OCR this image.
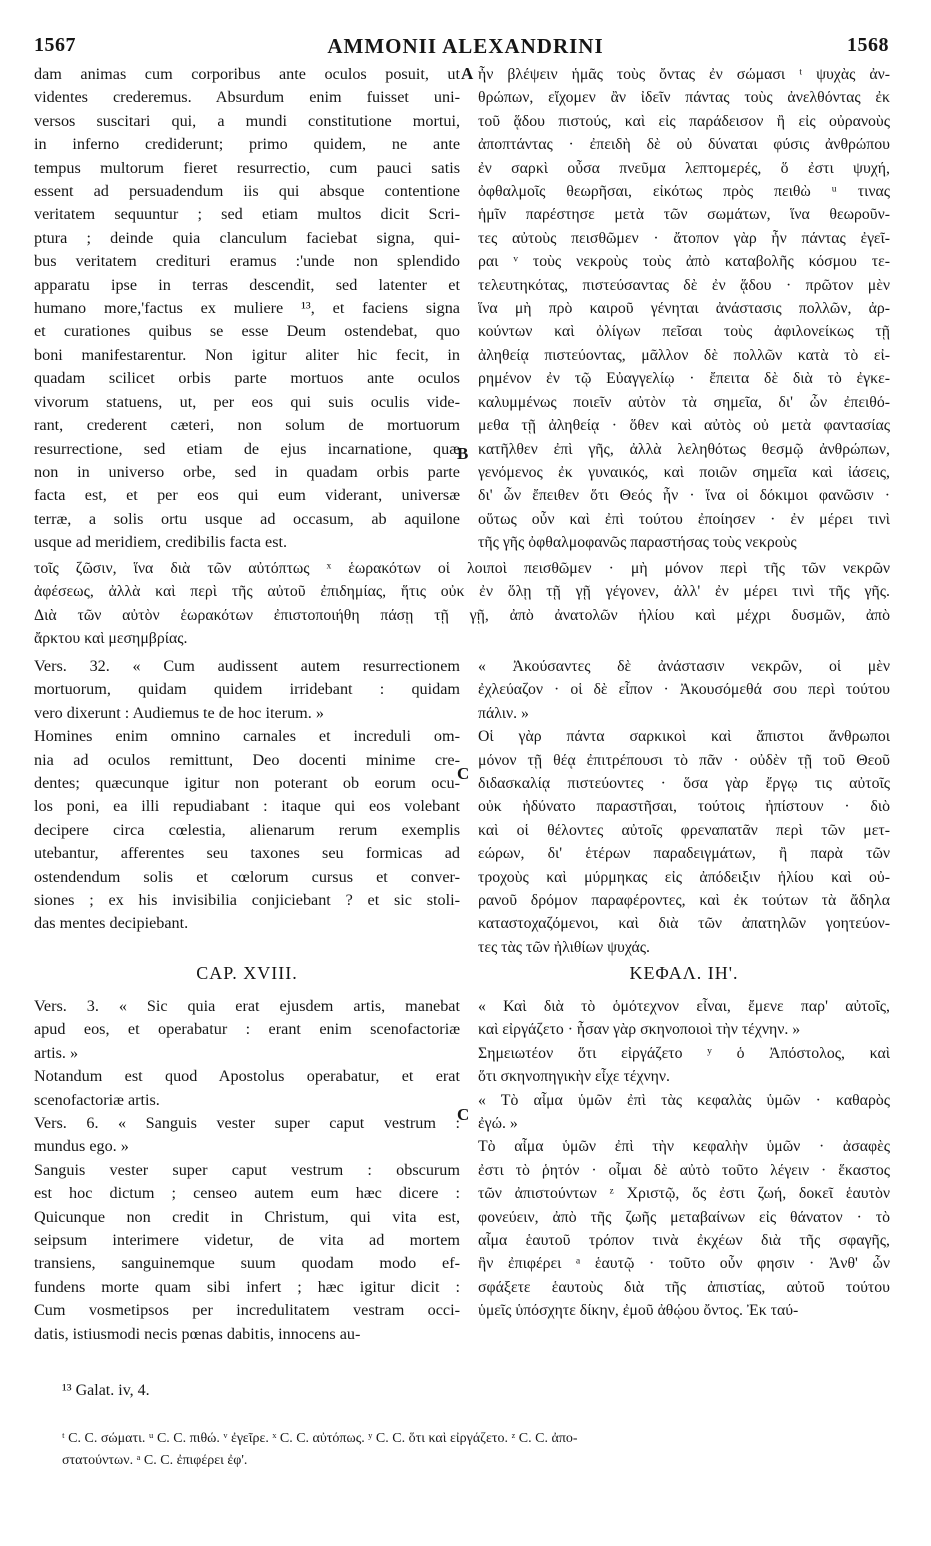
1567	AMMONII ALEXANDRINI	1568
dam animas cum corporibus ante oculos posuit, ut
videntes crederemus. Absurdum enim fuisset uni-
versos suscitari qui, a mundi constitutione mortui,
in inferno crediderunt; primo quidem, ne ante
tempus multorum fieret resurrectio, cum pauci satis
essent ad persuadendum iis qui absque contentione
veritatem sequuntur ; sed etiam multos dicit Scri-
ptura ; deinde quia clanculum faciebat signa, qui-
bus veritatem credituri eramus :'unde non splendido
apparatu ipse in terras descendit, sed latenter et
humano more,'factus ex muliere ¹³, et faciens signa
et curationes quibus se esse Deum ostendebat, quo
boni manifestarentur. Non igitur aliter hic fecit, in
quadam scilicet orbis parte mortuos ante oculos
vivorum statuens, ut, per eos qui suis oculis vide-
rant, crederent cæteri, non solum de mortuorum
resurrectione, sed etiam de ejus incarnatione, quæ
non in universo orbe, sed in quadam orbis parte
facta est, et per eos qui eum viderant, universæ
terræ, a solis ortu usque ad occasum, ab aquilone
usque ad meridiem, credibilis facta est.
ἦν βλέψειν ἡμᾶς τοὺς ὄντας ἐν σώμασι ᵗ ψυχὰς ἀν-
θρώπων, εἴχομεν ἂν ἰδεῖν πάντας τοὺς ἀνελθόντας ἐκ
τοῦ ᾅδου πιστούς, καὶ εἰς παράδεισον ἢ εἰς οὐρανοὺς
ἀποπτάντας · ἐπειδὴ δὲ οὐ δύναται φύσις ἀνθρώπου
ἐν σαρκὶ οὖσα πνεῦμα λεπτομερές, ὅ ἐστι ψυχή,
ὀφθαλμοῖς θεωρῆσαι, εἰκότως πρὸς πειθὼ ᵘ τινας
ἡμῖν παρέστησε μετὰ τῶν σωμάτων, ἵνα θεωροῦν-
τες αὐτοὺς πεισθῶμεν · ἄτοπον γὰρ ἦν πάντας ἐγεῖ-
ραι ᵛ τοὺς νεκροὺς τοὺς ἀπὸ καταβολῆς κόσμου τε-
τελευτηκότας, πιστεύσαντας δὲ ἐν ᾅδου · πρῶτον μὲν
ἵνα μὴ πρὸ καιροῦ γένηται ἀνάστασις πολλῶν, ἀρ-
κούντων καὶ ὀλίγων πεῖσαι τοὺς ἀφιλονείκως τῇ
ἀληθείᾳ πιστεύοντας, μᾶλλον δὲ πολλῶν κατὰ τὸ εἰ-
ρημένον ἐν τῷ Εὐαγγελίῳ · ἔπειτα δὲ διὰ τὸ ἐγκε-
καλυμμένως ποιεῖν αὐτὸν τὰ σημεῖα, δι' ὧν ἐπειθό-
μεθα τῇ ἀληθείᾳ · ὅθεν καὶ αὐτὸς οὐ μετὰ φαντασίας
κατῆλθεν ἐπὶ γῆς, ἀλλὰ λεληθότως θεσμῷ ἀνθρώπων,
γενόμενος ἐκ γυναικός, καὶ ποιῶν σημεῖα καὶ ἰάσεις,
δι' ὧν ἔπειθεν ὅτι Θεός ἦν · ἵνα οἱ δόκιμοι φανῶσιν ·
οὕτως οὖν καὶ ἐπὶ τούτου ἐποίησεν · ἐν μέρει τινὶ
τῆς γῆς ὀφθαλμοφανῶς παραστήσας τοὺς νεκροὺς
τοῖς ζῶσιν, ἵνα διὰ τῶν αὐτόπτως ˣ ἑωρακότων οἱ λοιποὶ πεισθῶμεν · μὴ μόνον περὶ τῆς τῶν νεκρῶν
ἀφέσεως, ἀλλὰ καὶ περὶ τῆς αὐτοῦ ἐπιδημίας, ἥτις οὐκ ἐν ὅλῃ τῇ γῇ γέγονεν, ἀλλ' ἐν μέρει τινὶ τῆς γῆς.
Διὰ τῶν αὐτὸν ἑωρακότων ἐπιστοποιήθη πάσῃ τῇ γῇ, ἀπὸ ἀνατολῶν ἡλίου καὶ μέχρι δυσμῶν, ἀπὸ
ἄρκτου καὶ μεσημβρίας.
Vers. 32. « Cum audissent autem resurrectionem
mortuorum, quidam quidem irridebant : quidam
vero dixerunt : Audiemus te de hoc iterum. »
Homines enim omnino carnales et increduli om-
nia ad oculos remittunt, Deo docenti minime cre-
dentes; quæcunque igitur non poterant ob eorum ocu-
los poni, ea illi repudiabant : itaque qui eos volebant
decipere circa cœlestia, alienarum rerum exemplis
utebantur, afferentes seu taxones seu formicas ad
ostendendum solis et cœlorum cursus et conver-
siones ; ex his invisibilia conjiciebant ? et sic stoli-
das mentes decipiebant.
« Ἀκούσαντες δὲ ἀνάστασιν νεκρῶν, οἱ μὲν
ἐχλεύαζον · οἱ δὲ εἶπον · Ἀκουσόμεθά σου περὶ τούτου
πάλιν. »
Οἱ γὰρ πάντα σαρκικοὶ καὶ ἄπιστοι ἄνθρωποι
μόνον τῇ θέᾳ ἐπιτρέπουσι τὸ πᾶν · οὐδὲν τῇ τοῦ Θεοῦ
διδασκαλίᾳ πιστεύοντες · ὅσα γὰρ ἔργῳ τις αὐτοῖς
οὐκ ἠδύνατο παραστῆσαι, τούτοις ἠπίστουν · διὸ
καὶ οἱ θέλοντες αὐτοῖς φρεναπατᾶν περὶ τῶν μετ-
εώρων, δι' ἑτέρων παραδειγμάτων, ἢ παρὰ τῶν
τροχοὺς καὶ μύρμηκας εἰς ἀπόδειξιν ἡλίου καὶ οὐ-
ρανοῦ δρόμον παραφέροντες, καὶ ἐκ τούτων τὰ ἄδηλα
καταστοχαζόμενοι, καὶ διὰ τῶν ἀπατηλῶν γοητεύον-
τες τὰς τῶν ἠλιθίων ψυχάς.
CAP. XVIII.	ΚΕΦΑΛ. ΙΗ'.
Vers. 3. « Sic quia erat ejusdem artis, manebat
apud eos, et operabatur : erant enim scenofactoriæ
artis. »
Notandum est quod Apostolus operabatur, et erat
scenofactoriæ artis.
Vers. 6. « Sanguis vester super caput vestrum :
mundus ego. »
Sanguis vester super caput vestrum : obscurum
est hoc dictum ; censeo autem eum hæc dicere :
Quicunque non credit in Christum, qui vita est,
seipsum interimere videtur, de vita ad mortem
transiens, sanguinemque suum quodam modo ef-
fundens morte quam sibi infert ; hæc igitur dicit :
Cum vosmetipsos per incredulitatem vestram occi-
datis, istiusmodi necis pœnas dabitis, innocens au-
« Καὶ διὰ τὸ ὁμότεχνον εἶναι, ἔμενε παρ' αὐτοῖς,
καὶ εἰργάζετο · ἦσαν γὰρ σκηνοποιοὶ τὴν τέχνην. »
Σημειωτέον ὅτι εἰργάζετο ʸ ὁ Ἀπόστολος, καὶ
ὅτι σκηνοπηγικὴν εἶχε τέχνην.
« Τὸ αἷμα ὑμῶν ἐπὶ τὰς κεφαλὰς ὑμῶν · καθαρὸς
ἐγώ. »
Τὸ αἷμα ὑμῶν ἐπὶ τὴν κεφαλὴν ὑμῶν · ἀσαφὲς
ἐστι τὸ ῥητόν · οἶμαι δὲ αὐτὸ τοῦτο λέγειν · ἕκαστος
τῶν ἀπιστούντων ᶻ Χριστῷ, ὅς ἐστι ζωή, δοκεῖ ἑαυτὸν
φονεύειν, ἀπὸ τῆς ζωῆς μεταβαίνων εἰς θάνατον · τὸ
αἷμα ἑαυτοῦ τρόπον τινὰ ἐκχέων διὰ τῆς σφαγῆς,
ἣν ἐπιφέρει ᵃ ἑαυτῷ · τοῦτο οὖν φησιν · Ἀνθ' ὧν
σφάξετε ἑαυτοὺς διὰ τῆς ἀπιστίας, αὐτοῦ τούτου
ὑμεῖς ὑπόσχητε δίκην, ἐμοῦ ἀθῴου ὄντος. Ἐκ ταύ-
A
B
C
C
¹³ Galat. iv, 4.
ᵗ C. C. σώματι. ᵘ C. C. πιθώ. ᵛ ἐγεῖρε. ˣ C. C. αὐτόπως. ʸ C. C. ὅτι καὶ εἰργάζετο. ᶻ C. C. ἀπο-
στατούντων. ᵃ C. C. ἐπιφέρει ἐφ'.
